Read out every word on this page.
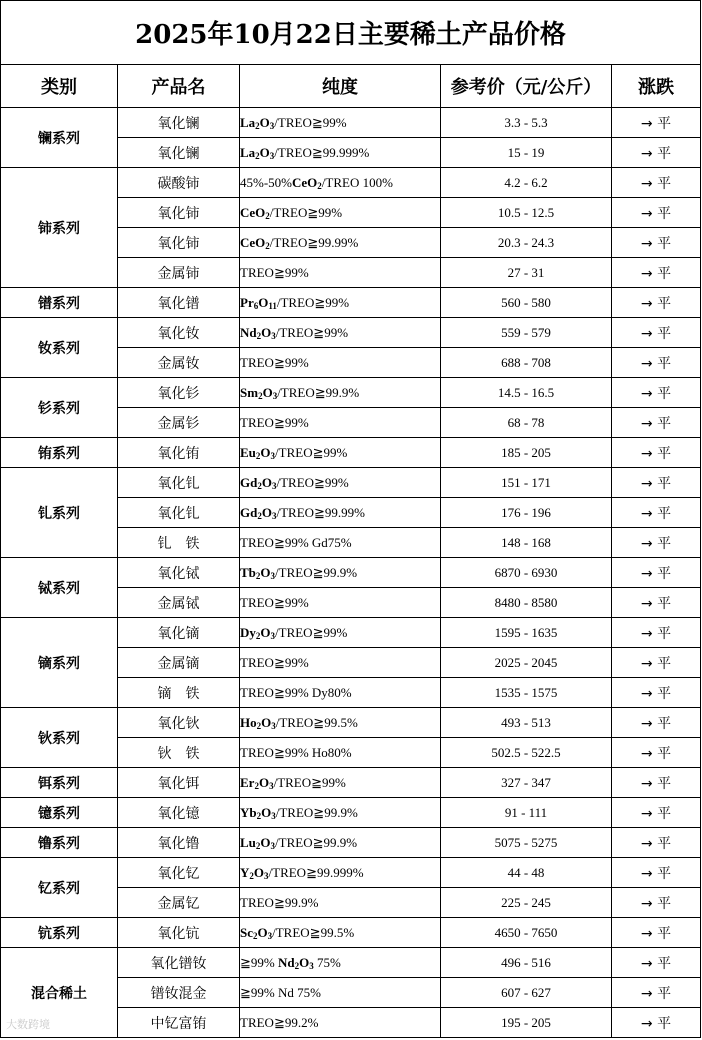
2025年10月22日主要稀土产品价格				
类别	产品名	纯度	参考价（元/公斤）	涨跌
镧系列	氧化镧	$La_2O_3/TREO≧99\%$	3.3 - 5.3	→ 平
	氧化镧	$La_2O_3/TREO≧99.999\%$	15 - 19	→ 平
铈系列	碳酸铈	45%-50%CeO$_2$/TREO 100%	4.2 - 6.2	→ 平
	氧化铈	CeO$_2$/TREO≧99%	10.5 - 12.5	→ 平
	氧化铈	CeO$_2$/TREO≧99.99%	20.3 - 24.3	→ 平
	金属铈	TREO≧99%	27 - 31	→ 平
镨系列	氧化镨	$Pr_6O_{11}/TREO≧99\%$	560 - 580	→ 平
钕系列	氧化钕	$Nd_2O_3/TREO≧99\%$	559 - 579	→ 平
	金属钕	TREO≧99%	688 - 708	→ 平
钐系列	氧化钐	$Sm_2O_3/TREO≧99.9\%$	14.5 - 16.5	→ 平
	金属钐	TREO≧99%	68 - 78	→ 平
铕系列	氧化铕	$Eu_2O_3/TREO≧99\%$	185 - 205	→ 平
钆系列	氧化钆	$Gd_2O_3/TREO≧99\%$	151 - 171	→ 平
	氧化钆	$Gd_2O_3/TREO≧99.99\%$	176 - 196	→ 平
	钆　铁	TREO≧99% Gd75%	148 - 168	→ 平
铽系列	氧化铽	$Tb_2O_3/TREO≧99.9\%$	6870 - 6930	→ 平
	金属铽	TREO≧99%	8480 - 8580	→ 平
镝系列	氧化镝	$Dy_2O_3/TREO≧99\%$	1595 - 1635	→ 平
	金属镝	TREO≧99%	2025 - 2045	→ 平
	镝　铁	TREO≧99% Dy80%	1535 - 1575	→ 平
钬系列	氧化钬	$Ho_2O_3/TREO≧99.5\%$	493 - 513	→ 平
	钬　铁	TREO≧99% Ho80%	502.5 - 522.5	→ 平
铒系列	氧化铒	$Er_2O_3/TREO≧99\%$	327 - 347	→ 平
镱系列	氧化镱	$Yb_2O_3/TREO≧99.9\%$	91 - 111	→ 平
镥系列	氧化镥	$Lu_2O_3/TREO≧99.9\%$	5075 - 5275	→ 平
钇系列	氧化钇	$Y_2O_3/TREO≧99.999\%$	44 - 48	→ 平
	金属钇	TREO≧99.9%	225 - 245	→ 平
钪系列	氧化钪	$Sc_2O_3/TREO≧99.5\%$	4650 - 7650	→ 平
混合稀土	氧化镨钕	≧99% $Nd_2O_3$ 75%	496 - 516	→ 平
	镨钕混金	≧99% Nd 75%	607 - 627	→ 平
	中钇富铕	TREO≧99.2%	195 - 205	→ 平
大数跨境
